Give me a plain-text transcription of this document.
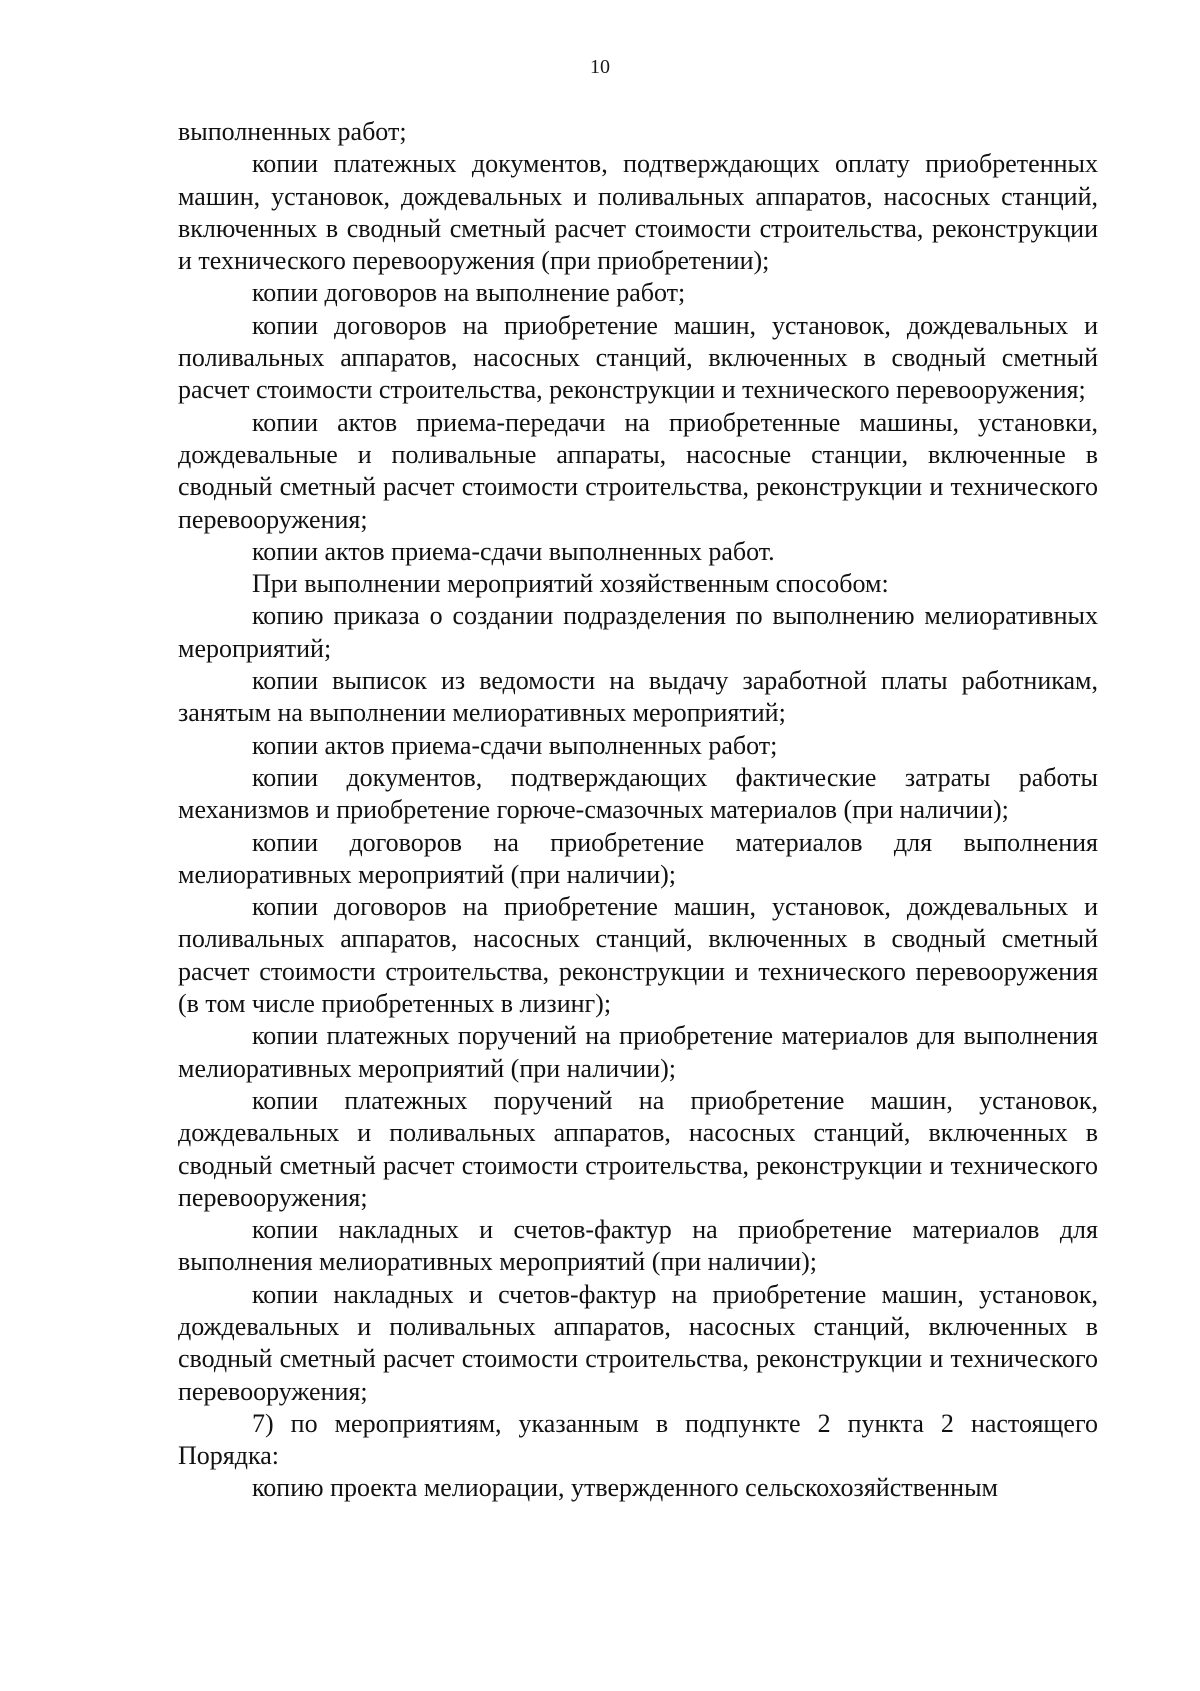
10

выполненных работ;

копии платежных документов, подтверждающих оплату приобретенных машин, установок, дождевальных и поливальных аппаратов, насосных станций, включенных в сводный сметный расчет стоимости строительства, реконструкции и технического перевооружения (при приобретении);

копии договоров на выполнение работ;

копии договоров на приобретение машин, установок, дождевальных и поливальных аппаратов, насосных станций, включенных в сводный сметный расчет стоимости строительства, реконструкции и технического перевооружения;

копии актов приема-передачи на приобретенные машины, установки, дождевальные и поливальные аппараты, насосные станции, включенные в сводный сметный расчет стоимости строительства, реконструкции и технического перевооружения;

копии актов приема-сдачи выполненных работ.

При выполнении мероприятий хозяйственным способом:

копию приказа о создании подразделения по выполнению мелиоративных мероприятий;

копии выписок из ведомости на выдачу заработной платы работникам, занятым на выполнении мелиоративных мероприятий;

копии актов приема-сдачи выполненных работ;

копии документов, подтверждающих фактические затраты работы механизмов и приобретение горюче-смазочных материалов (при наличии);

копии договоров на приобретение материалов для выполнения мелиоративных мероприятий (при наличии);

копии договоров на приобретение машин, установок, дождевальных и поливальных аппаратов, насосных станций, включенных в сводный сметный расчет стоимости строительства, реконструкции и технического перевооружения (в том числе приобретенных в лизинг);

копии платежных поручений на приобретение материалов для выполнения мелиоративных мероприятий (при наличии);

копии платежных поручений на приобретение машин, установок, дождевальных и поливальных аппаратов, насосных станций, включенных в сводный сметный расчет стоимости строительства, реконструкции и технического перевооружения;

копии накладных и счетов-фактур на приобретение материалов для выполнения мелиоративных мероприятий (при наличии);

копии накладных и счетов-фактур на приобретение машин, установок, дождевальных и поливальных аппаратов, насосных станций, включенных в сводный сметный расчет стоимости строительства, реконструкции и технического перевооружения;

7) по мероприятиям, указанным в подпункте 2 пункта 2 настоящего Порядка:

копию проекта мелиорации, утвержденного сельскохозяйственным
